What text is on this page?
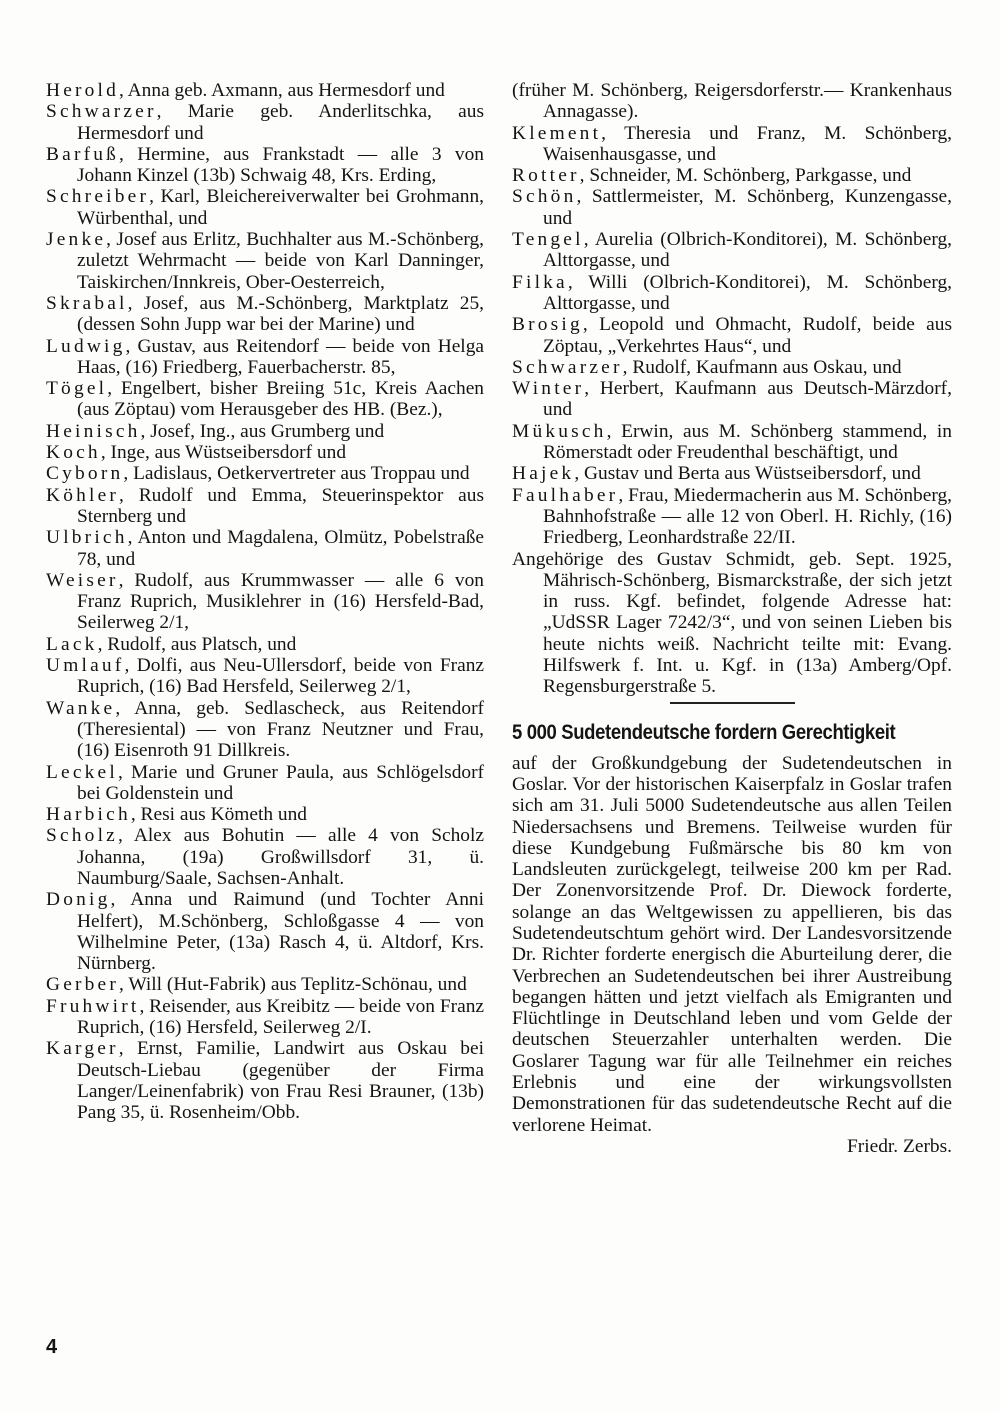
Herold, Anna geb. Axmann, aus Hermesdorf und
Schwarzer, Marie geb. Anderlitschka, aus Hermesdorf und
Barfuß, Hermine, aus Frankstadt — alle 3 von Johann Kinzel (13b) Schwaig 48, Krs. Erding,
Schreiber, Karl, Bleichereiverwalter bei Grohmann, Würbenthal, und
Jenke, Josef aus Erlitz, Buchhalter aus M.-Schönberg, zuletzt Wehrmacht — beide von Karl Danninger, Taiskirchen/Innkreis, Ober-Oesterreich,
Skrabal, Josef, aus M.-Schönberg, Marktplatz 25, (dessen Sohn Jupp war bei der Marine) und
Ludwig, Gustav, aus Reitendorf — beide von Helga Haas, (16) Friedberg, Fauerbacherstr. 85,
Tögel, Engelbert, bisher Breiing 51c, Kreis Aachen (aus Zöptau) vom Herausgeber des HB. (Bez.),
Heinisch, Josef, Ing., aus Grumberg und
Koch, Inge, aus Wüstseibersdorf und
Cyborn, Ladislaus, Oetkervertreter aus Troppau und
Köhler, Rudolf und Emma, Steuerinspektor aus Sternberg und
Ulbrich, Anton und Magdalena, Olmütz, Pobelstraße 78, und
Weiser, Rudolf, aus Krummwasser — alle 6 von Franz Ruprich, Musiklehrer in (16) Hersfeld-Bad, Seilerweg 2/1,
Lack, Rudolf, aus Platsch, und
Umlauf, Dolfi, aus Neu-Ullersdorf, beide von Franz Ruprich, (16) Bad Hersfeld, Seilerweg 2/1,
Wanke, Anna, geb. Sedlascheck, aus Reitendorf (Theresiental) — von Franz Neutzner und Frau, (16) Eisenroth 91 Dillkreis.
Leckel, Marie und Gruner Paula, aus Schlögelsdorf bei Goldenstein und
Harbich, Resi aus Kömeth und
Scholz, Alex aus Bohutin — alle 4 von Scholz Johanna, (19a) Großwillsdorf 31, ü. Naumburg/Saale, Sachsen-Anhalt.
Donig, Anna und Raimund (und Tochter Anni Helfert), M.Schönberg, Schloßgasse 4 — von Wilhelmine Peter, (13a) Rasch 4, ü. Altdorf, Krs. Nürnberg.
Gerber, Will (Hut-Fabrik) aus Teplitz-Schönau, und
Fruhwirt, Reisender, aus Kreibitz — beide von Franz Ruprich, (16) Hersfeld, Seilerweg 2/I.
Karger, Ernst, Familie, Landwirt aus Oskau bei Deutsch-Liebau (gegenüber der Firma Langer/Leinenfabrik) von Frau Resi Brauner, (13b) Pang 35, ü. Rosenheim/Obb.
(früher M. Schönberg, Reigersdorferstr.— Krankenhaus Annagasse).
Klement, Theresia und Franz, M. Schönberg, Waisenhausgasse, und
Rotter, Schneider, M. Schönberg, Parkgasse, und
Schön, Sattlermeister, M. Schönberg, Kunzengasse, und
Tengel, Aurelia (Olbrich-Konditorei), M. Schönberg, Alttorgasse, und
Filka, Willi (Olbrich-Konditorei), M. Schönberg, Alttorgasse, und
Brosig, Leopold und Ohmacht, Rudolf, beide aus Zöptau, „Verkehrtes Haus“, und
Schwarzer, Rudolf, Kaufmann aus Oskau, und
Winter, Herbert, Kaufmann aus Deutsch-Märzdorf, und
Mükusch, Erwin, aus M. Schönberg stammend, in Römerstadt oder Freudenthal beschäftigt, und
Hajek, Gustav und Berta aus Wüstseibersdorf, und
Faulhaber, Frau, Miedermacherin aus M. Schönberg, Bahnhofstraße — alle 12 von Oberl. H. Richly, (16) Friedberg, Leonhardstraße 22/II.
Angehörige des Gustav Schmidt, geb. Sept. 1925, Mährisch-Schönberg, Bismarckstraße, der sich jetzt in russ. Kgf. befindet, folgende Adresse hat: „UdSSR Lager 7242/3“, und von seinen Lieben bis heute nichts weiß. Nachricht teilte mit: Evang. Hilfswerk f. Int. u. Kgf. in (13a) Amberg/Opf. Regensburgerstraße 5.
5 000 Sudetendeutsche fordern Gerechtigkeit
auf der Großkundgebung der Sudetendeutschen in Goslar. Vor der historischen Kaiserpfalz in Goslar trafen sich am 31. Juli 5000 Sudetendeutsche aus allen Teilen Niedersachsens und Bremens. Teilweise wurden für diese Kundgebung Fußmärsche bis 80 km von Landsleuten zurückgelegt, teilweise 200 km per Rad. Der Zonenvorsitzende Prof. Dr. Diewock forderte, solange an das Weltgewissen zu appellieren, bis das Sudetendeutschtum gehört wird. Der Landesvorsitzende Dr. Richter forderte energisch die Aburteilung derer, die Verbrechen an Sudetendeutschen bei ihrer Austreibung begangen hätten und jetzt vielfach als Emigranten und Flüchtlinge in Deutschland leben und vom Gelde der deutschen Steuerzahler unterhalten werden. Die Goslarer Tagung war für alle Teilnehmer ein reiches Erlebnis und eine der wirkungsvollsten Demonstrationen für das sudetendeutsche Recht auf die verlorene Heimat.
Friedr. Zerbs.
4
